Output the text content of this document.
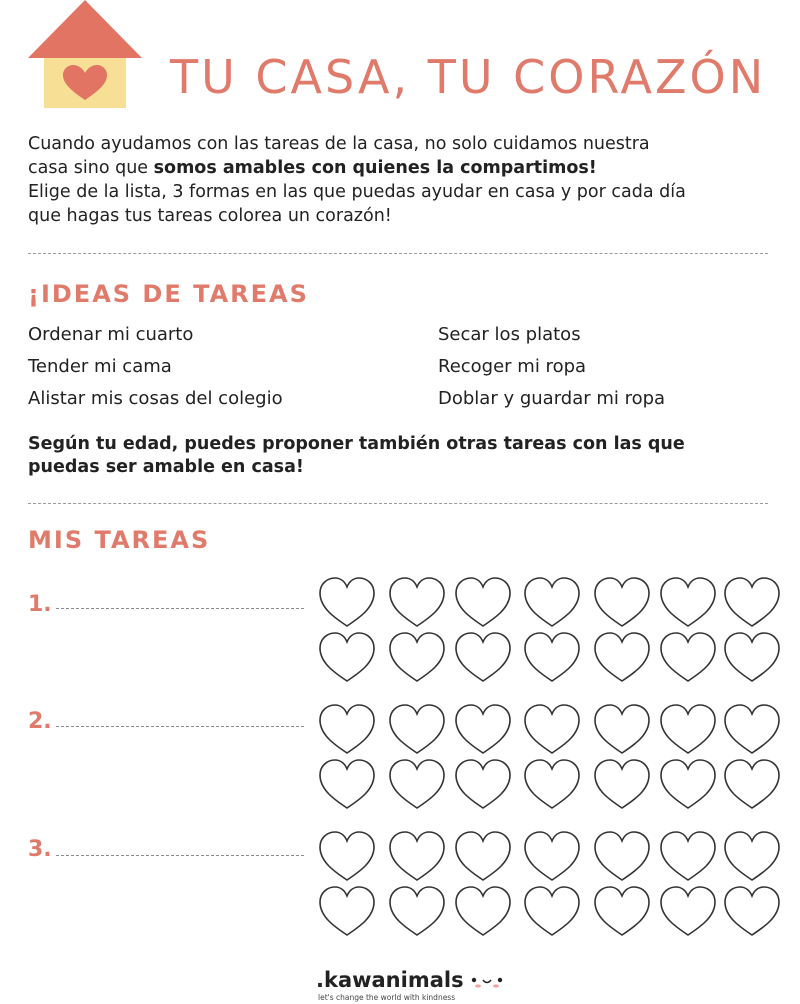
TU CASA, TU CORAZÓN
Cuando ayudamos con las tareas de la casa, no solo cuidamos nuestra
casa sino que somos amables con quienes la compartimos!
Elige de la lista, 3 formas en las que puedas ayudar en casa y por cada día
que hagas tus tareas colorea un corazón!
¡IDEAS DE TAREAS
Ordenar mi cuarto
Tender mi cama
Alistar mis cosas del colegio
Secar los platos
Recoger mi ropa
Doblar y guardar mi ropa
Según tu edad, puedes proponer también otras tareas con las que
puedas ser amable en casa!
MIS TAREAS
1.
2.
3.
.kawanimals
let's change the world with kindness
